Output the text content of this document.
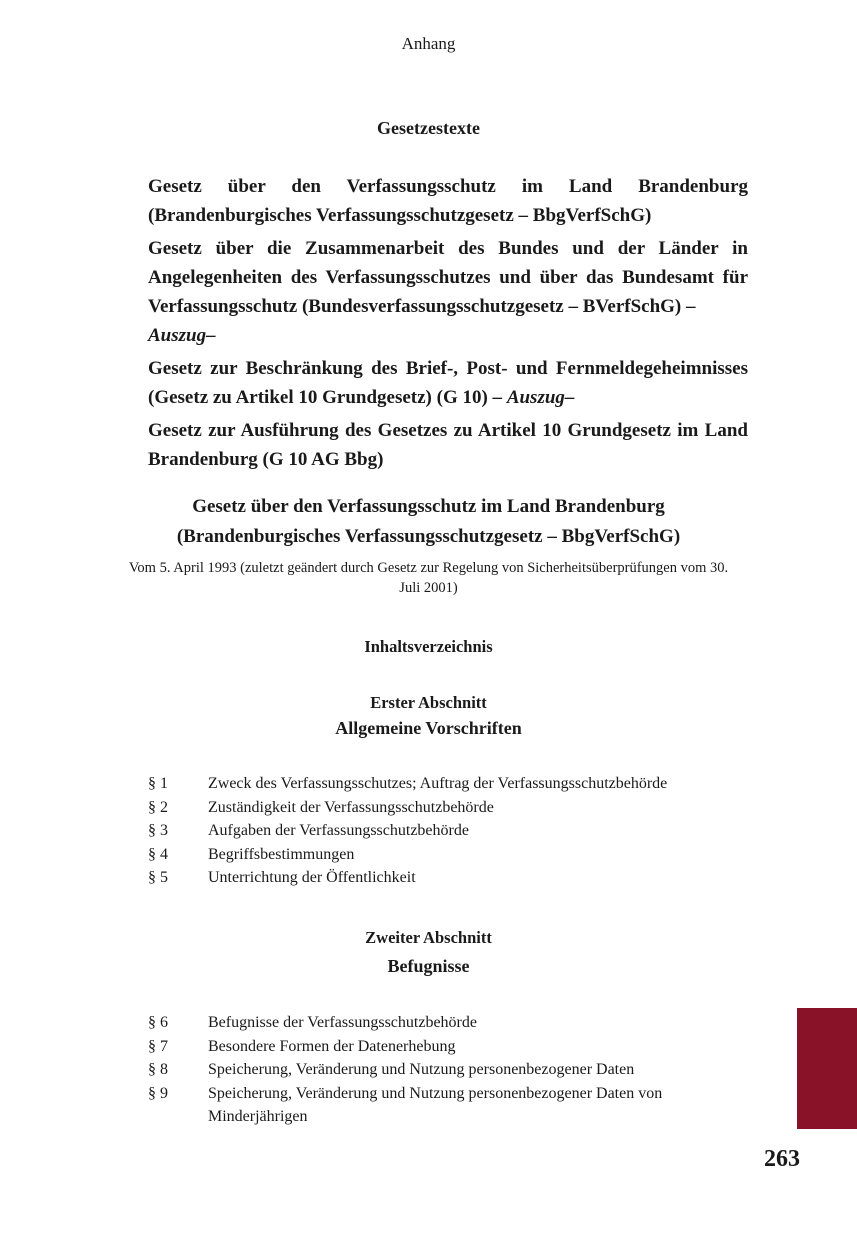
Anhang
Gesetzestexte

Gesetz über den Verfassungsschutz im Land Brandenburg (Brandenburgisches Verfassungsschutzgesetz – BbgVerfSchG)

Gesetz über die Zusammenarbeit des Bundes und der Länder in Angelegenheiten des Verfassungsschutzes und über das Bundesamt für Verfassungsschutz (Bundesverfassungsschutzgesetz – BVerfSchG) –
Auszug–

Gesetz zur Beschränkung des Brief-, Post- und Fernmeldegeheimnisses (Gesetz zu Artikel 10 Grundgesetz) (G 10) – Auszug–

Gesetz zur Ausführung des Gesetzes zu Artikel 10 Grundgesetz im Land Brandenburg (G 10 AG Bbg)

Gesetz über den Verfassungsschutz im Land Brandenburg
(Brandenburgisches Verfassungsschutzgesetz – BbgVerfSchG)
Vom 5. April 1993 (zuletzt geändert durch Gesetz zur Regelung von Sicherheitsüberprüfungen vom 30. Juli 2001)
Inhaltsverzeichnis
Erster Abschnitt
Allgemeine Vorschriften
§ 1	Zweck des Verfassungsschutzes; Auftrag der Verfassungsschutzbehörde
§ 2	Zuständigkeit der Verfassungsschutzbehörde
§ 3	Aufgaben der Verfassungsschutzbehörde
§ 4	Begriffsbestimmungen
§ 5	Unterrichtung der Öffentlichkeit
Zweiter Abschnitt
Befugnisse
§ 6	Befugnisse der Verfassungsschutzbehörde
§ 7	Besondere Formen der Datenerhebung
§ 8	Speicherung, Veränderung und Nutzung personenbezogener Daten
§ 9	Speicherung, Veränderung und Nutzung personenbezogener Daten von Minderjährigen
263
